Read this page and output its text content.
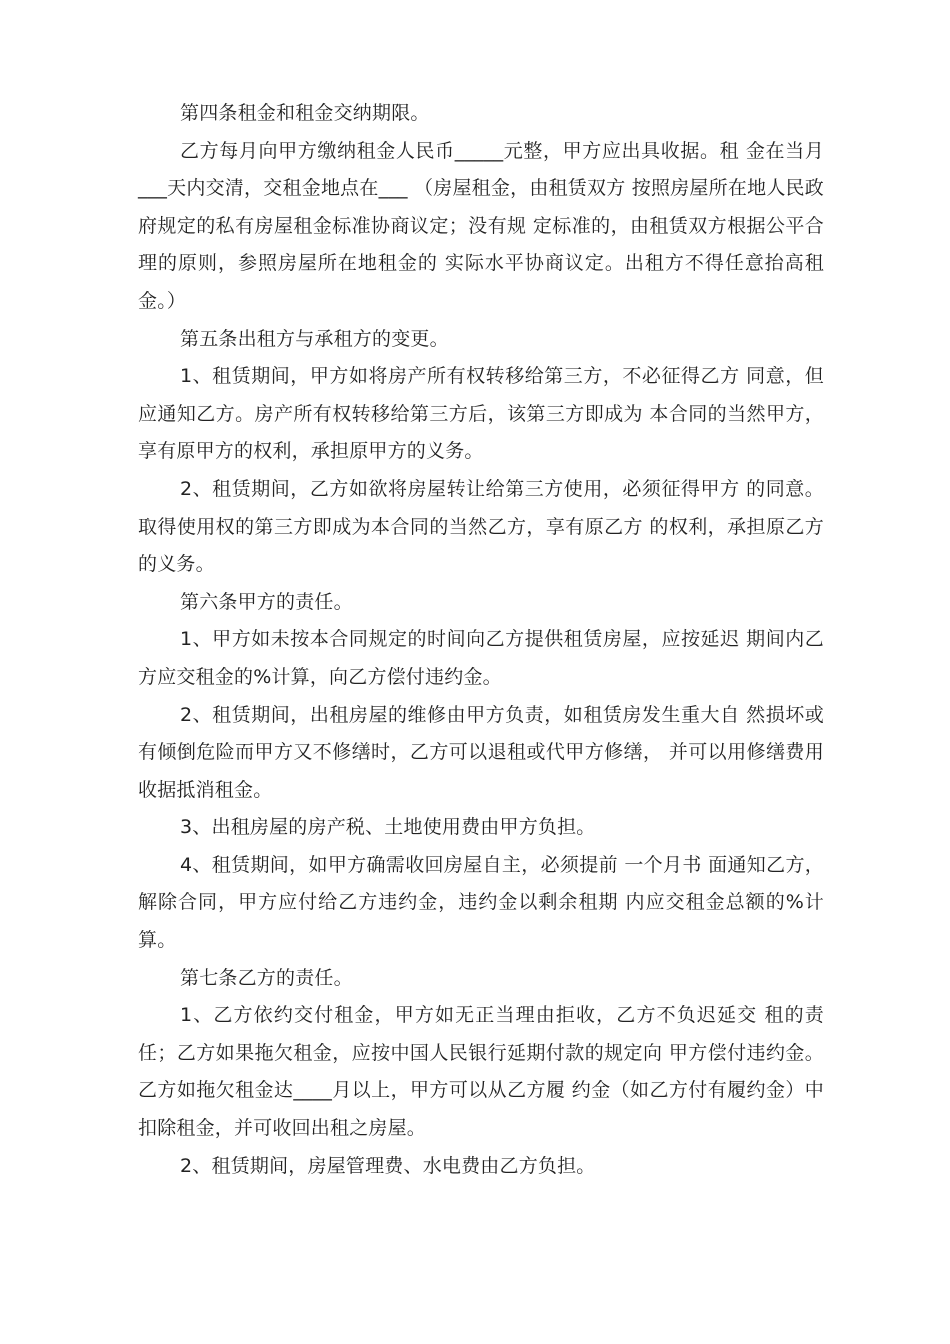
第四条租金和租金交纳期限。

乙方每月向甲方缴纳租金人民币_____元整，甲方应出具收据。租 金在当月___天内交清，交租金地点在___ （房屋租金，由租赁双方 按照房屋所在地人民政府规定的私有房屋租金标准协商议定；没有规 定标准的，由租赁双方根据公平合理的原则，参照房屋所在地租金的 实际水平协商议定。出租方不得任意抬高租金。）

第五条出租方与承租方的变更。

1、租赁期间，甲方如将房产所有权转移给第三方，不必征得乙方 同意，但应通知乙方。房产所有权转移给第三方后，该第三方即成为 本合同的当然甲方，享有原甲方的权利，承担原甲方的义务。

2、租赁期间，乙方如欲将房屋转让给第三方使用，必须征得甲方 的同意。取得使用权的第三方即成为本合同的当然乙方，享有原乙方 的权利，承担原乙方的义务。

第六条甲方的责任。

1、甲方如未按本合同规定的时间向乙方提供租赁房屋，应按延迟 期间内乙方应交租金的%计算，向乙方偿付违约金。

2、租赁期间，出租房屋的维修由甲方负责，如租赁房发生重大自 然损坏或有倾倒危险而甲方又不修缮时，乙方可以退租或代甲方修缮， 并可以用修缮费用收据抵消租金。

3、出租房屋的房产税、土地使用费由甲方负担。

4、租赁期间，如甲方确需收回房屋自主，必须提前 一个月书 面通知乙方，解除合同，甲方应付给乙方违约金，违约金以剩余租期 内应交租金总额的%计算。

第七条乙方的责任。

1、乙方依约交付租金，甲方如无正当理由拒收，乙方不负迟延交 租的责任；乙方如果拖欠租金，应按中国人民银行延期付款的规定向 甲方偿付违约金。乙方如拖欠租金达____月以上，甲方可以从乙方履 约金（如乙方付有履约金）中扣除租金，并可收回出租之房屋。

2、租赁期间，房屋管理费、水电费由乙方负担。
